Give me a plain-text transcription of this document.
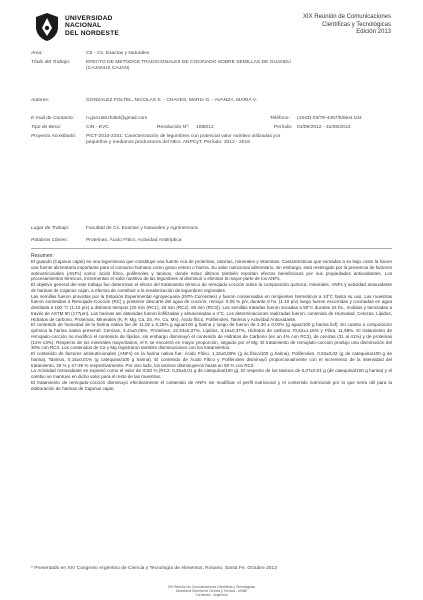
UNIVERSIDAD
NACIONAL
DEL NORDESTE
XIX Reunión de Comunicaciones
Científicas y Tecnológicas
Edición 2013
Área:	CE - Cs. Exactas y Naturales
Título del Trabajo:	EFECTO DE METODOS TRADICIONALES DE COCINADO SOBRE SEMILLAS DE GUANDU
(CAJANUS CAJAN)
Autores:	GONZALEZ FOLTEL, NICOLAS S. - CHAVES, MARIA G. - AVANZA, MARIA V.
E-mail de Contacto: n.gonzalezfoltel@gmail.com	Teléfono: (1543)-03/79-4457/5/8ext.104
Tipo de Beca:	CIN - EVC	Resolución Nº: 1080/12	Período: 01/09/2012 - 31/08/2013
Proyecto Acreditado: PICT-2010-2341: Caracterización de legumbres con potencial valor nutritivo utilizadas por
pequeños y medianos productores del NEA. ANPCyT. Período: 2012 - 2016
Lugar de Trabajo:	Facultad de Cs. Exactas y Naturales y Agrimensura
Palabras Claves:	Proteínas, Ácido Fítico, Actividad Antitriptica
Resumen:

El guandú (Cajanus cajan) es una leguminosa que constituye una fuente rica de proteínas, calorías, minerales y vitaminas. Características que sumadas a su bajo costo la hacen una fuente alimentaria importante para el consumo humano como grano entero o harina. Su valor nutricional alimentario, sin embargo, está restringido por la presencia de factores antinutricionales (ANFs) como: ácido fítico, polifenoles y taninos, donde estos últimos también reportan efectos beneficiosos por sus propiedades antioxidantes. Los procesamientos térmicos, incrementan el valor nutritivo de las legumbres al disminuir o eliminar la mayor parte de los ANFs.

El objetivo general del este trabajo fue determinar el efecto del tratamiento térmico de remojado-cocción sobre la composición química, minerales, ANFs y actividad antioxidante de harinas de Cajanus cajan, a efectos de contribuir a la revalorización de legumbres regionales.

Las semillas fueron provistas por la Estación Experimental Agropecuaria (INTA-Corrientes) y fueron conservadas en recipientes herméticos a 10°C hasta su uso. Las muestras fueron sometidas a Remojado-Cocción (RC) y posterior descarte del agua de cocción, remojo: 0,05 % p/v, durante 8 hs. (1:10 p/v) luego fueron escurridas y cocinadas en agua destilada a 100 °C (1:10 p/v) a distintos tiempos (20 min (RC1), 40 min (RC2), 60 min (RC3)). Las semillas tratadas fueron secadas a 50°C durante 24 hs., molidas y tamizadas a través de ASTM 60 (177µm). Las harinas así obtenidas fueron liofilizadas y almacenadas a 4°C. Los determinaciones realizadas fueron: contenido de Humedad, Cenizas, Lípidos, Hidratos de carbono, Proteínas, Minerales (K, P, Mg, Ca, Zn, Fe, Cu, Mn), Ácido fítico, Polifenoles, Taninos y Actividad Antioxidante.

El contenido de humedad de la harina nativa fue de 11,02 ± 0,25% g agua/100 g harina y luego de fueron de 2,30 ± 0,02% (g agua/100 g harina liof). En cuanto a composición química la harina nativa presentó: Cenizas, 3,44±0,06%, Proteínas, 22,94±0,37%, Lípidos, 3,16±0,37%, Hidratos de carbono 70,52±1,16% y Fibra, 11,58%. El tratamiento de remojado-cocción no modificó el contenido de lípidos, sin embargo disminuyó el contenido de Hidratos de Carbono (en un 4% con RC3), de cenizas (31 al 41%) y de proteínas (11%-13%). Respecto de los minerales mayoritarios, el K se encontró en mayor proporción, seguido por el Mg. El tratamiento de remojado-cocción produjo una disminución del 30% con RC3. Los contenidos de Ca y Mg registraron también disminuciones con los tratamientos.

El contenido de factores antinutricionales (ANFs) en la harina nativa fue: Ácido Fítico, 1,18±0,09% (g ác.fítico/100 g harina), Polifenoles, 0,53±0,02 (g de catequina/100 g de harina), Taninos, 0,15±0,01% (g catequina/100 g harina). El contenido de Ácido Fítico y Polifenoles disminuyó proporcionalmente con el incremento de la intensidad del tratamiento, 29 % y 27-39 % respectivamente. Por otro lado, los taninos disminuyeron hasta un 50 % con RC2.

La Actividad Antioxidante se expresó como el valor de IC50 % (RC2: 0,25±0,01 g de catequina/100 g). El respecto de los taninos de 0,07±0,01 g (de catequina/100 g harina) y el cambio se mantuvo en dicho valor para el resto de las muestras.

El tratamiento de remojado-cocción disminuyó efectivamente el contenido de ANFs sin modificar el perfil nutricional y el contenido nutricional por lo que sería útil para la elaboración de harinas de Cajanus cajan.

* Presentado en XIV Congreso Argentino de Ciencia y Tecnología de Alimentos. Rosario, Santa Fe, Octubre 2013
XIX Reunión de Comunicaciones Científicas y Tecnológicas
Secretaría General de Ciencia y Técnica - UNNE
Corrientes - Argentina
